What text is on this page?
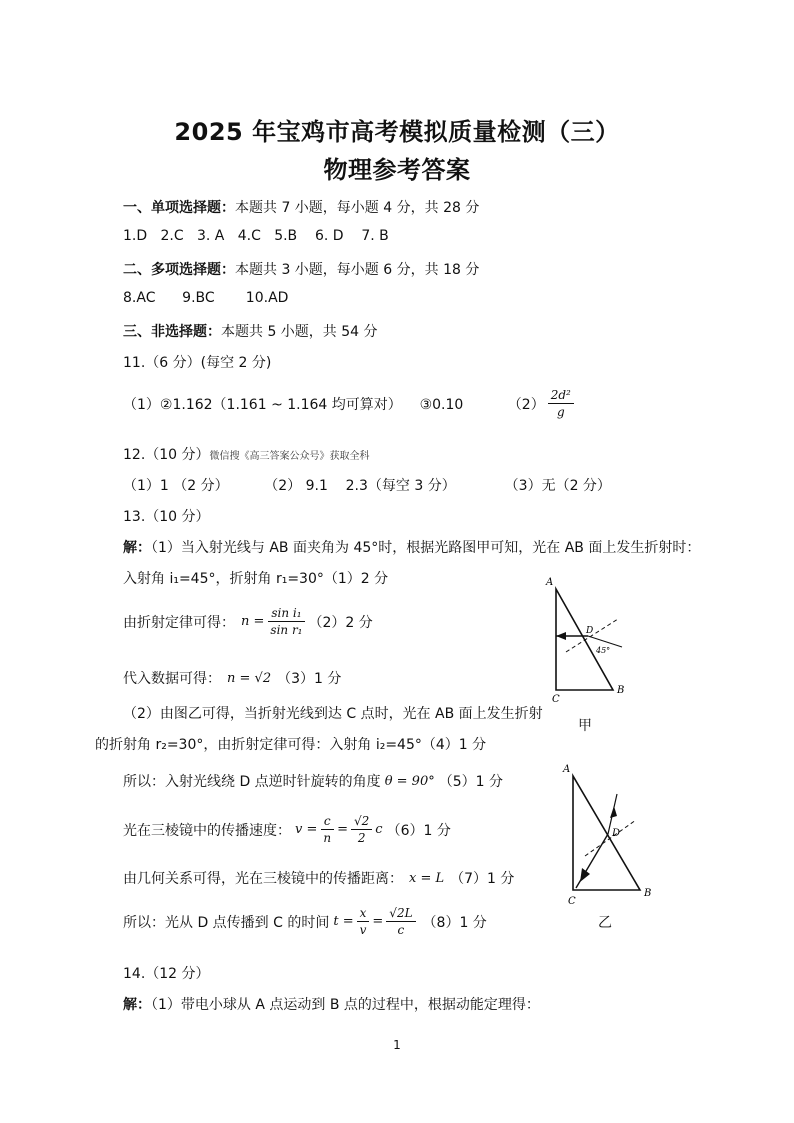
2025 年宝鸡市高考模拟质量检测（三）
物理参考答案
一、单项选择题：本题共 7 小题，每小题 4 分，共 28 分
1.D   2.C   3. A   4.C   5.B    6. D    7. B
二、多项选择题：本题共 3 小题，每小题 6 分，共 18 分
8.AC      9.BC       10.AD
三、非选择题：本题共 5 小题，共 54 分
11.（6 分）(每空 2 分)
（1）②1.162（1.161 ~ 1.164 均可算对）    ③0.10          $(2) \frac{\text{2d²}}{g}$
12.（10 分）微信搜《高三答案公众号》获取全科
（1）1 （2 分）        （2） 9.1    2.3（每空 3 分）           （3）无（2 分）
13.（10 分）
解：（1）当入射光线与 AB 面夹角为 45°时，根据光路图甲可知，光在 AB 面上发生折射时：
入射角 i₁=45°，折射角 r₁=30°（1）2 分
由折射定律可得： $n = \frac{\text{sin i₁}}{\text{sin r₁}} (2)2$ 分
代入数据可得： n = √2 （3）1 分
（2）由图乙可得，当折射光线到达 C 点时，光在 AB 面上发生折射
的折射角 r₂=30°，由折射定律可得：入射角 i₂=45°（4）1 分
所以：入射光线绕 D 点逆时针旋转的角度 θ = 90° （5）1 分
光在三棱镜中的传播速度： $v = \frac{c}{n} = \frac{√2}{2}$ c （6）1 分
由几何关系可得，光在三棱镜中的传播距离： x = L （7）1 分
所以：光从 D 点传播到 C 的时间 $t = \frac{x}{v} = \frac{√2L}{c} (8)1$ 分
14.（12 分）
解：（1）带电小球从 A 点运动到 B 点的过程中，根据动能定理得：
A
B
C
D
45°
甲
A
B
C
D
乙
1
